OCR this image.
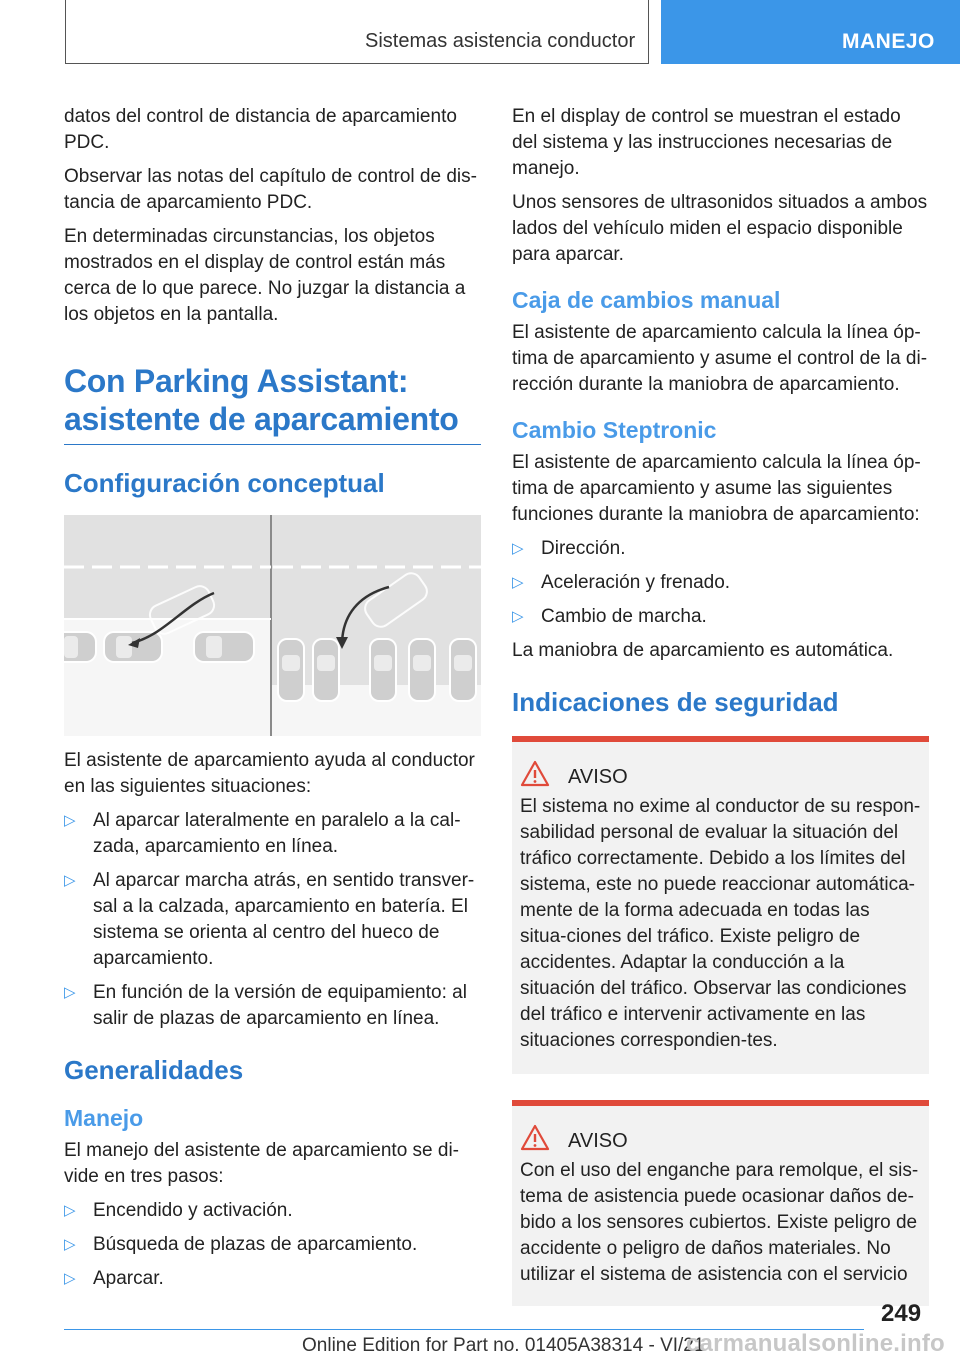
Sistemas asistencia conductor	MANEJO

datos del control de distancia de aparcamiento PDC.

Observar las notas del capítulo de control de dis-tancia de aparcamiento PDC.

En determinadas circunstancias, los objetos mostrados en el display de control están más cerca de lo que parece. No juzgar la distancia a los objetos en la pantalla.

Con Parking Assistant: asistente de aparcamiento
Configuración conceptual

El asistente de aparcamiento ayuda al conductor en las siguientes situaciones:

▷ Al aparcar lateralmente en paralelo a la cal-zada, aparcamiento en línea.
▷ Al aparcar marcha atrás, en sentido transver-sal a la calzada, aparcamiento en batería. El sistema se orienta al centro del hueco de aparcamiento.
▷ En función de la versión de equipamiento: al salir de plazas de aparcamiento en línea.
Generalidades
Manejo

El manejo del asistente de aparcamiento se di-vide en tres pasos:

▷ Encendido y activación.
▷ Búsqueda de plazas de aparcamiento.
▷ Aparcar.

En el display de control se muestran el estado del sistema y las instrucciones necesarias de manejo.

Unos sensores de ultrasonidos situados a ambos lados del vehículo miden el espacio disponible para aparcar.

Caja de cambios manual

El asistente de aparcamiento calcula la línea óp-tima de aparcamiento y asume el control de la di-rección durante la maniobra de aparcamiento.

Cambio Steptronic

El asistente de aparcamiento calcula la línea óp-tima de aparcamiento y asume las siguientes funciones durante la maniobra de aparcamiento:

▷ Dirección.
▷ Aceleración y frenado.
▷ Cambio de marcha.

La maniobra de aparcamiento es automática.

Indicaciones de seguridad
AVISO
El sistema no exime al conductor de su respon-sabilidad personal de evaluar la situación del tráfico correctamente. Debido a los límites del sistema, este no puede reaccionar automática-mente de la forma adecuada en todas las situa-ciones del tráfico. Existe peligro de accidentes. Adaptar la conducción a la situación del tráfico. Observar las condiciones del tráfico e intervenir activamente en las situaciones correspondien-tes.
AVISO
Con el uso del enganche para remolque, el sis-tema de asistencia puede ocasionar daños de-bido a los sensores cubiertos. Existe peligro de accidente o peligro de daños materiales. No utilizar el sistema de asistencia con el servicio
249
Online Edition for Part no. 01405A38314 - VI/21
carmanualsonline.info
